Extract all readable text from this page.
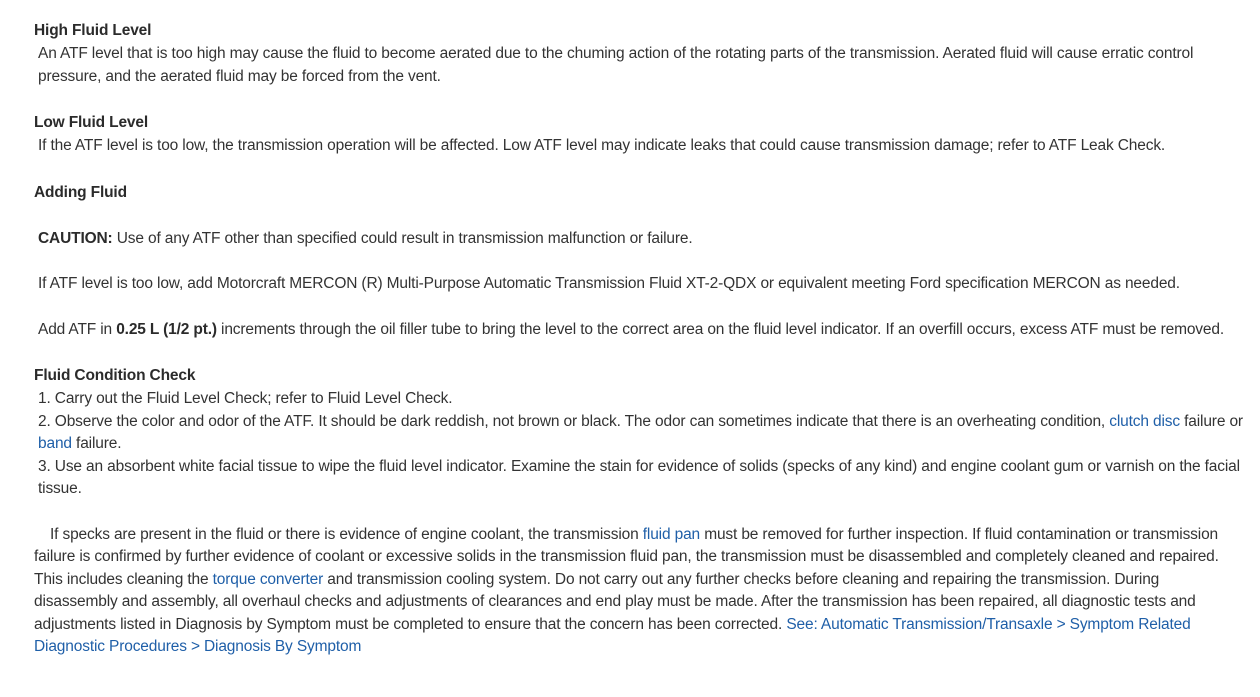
High Fluid Level

An ATF level that is too high may cause the fluid to become aerated due to the chuming action of the rotating parts of the transmission. Aerated fluid will cause erratic control pressure, and the aerated fluid may be forced from the vent.

Low Fluid Level

If the ATF level is too low, the transmission operation will be affected. Low ATF level may indicate leaks that could cause transmission damage; refer to ATF Leak Check.

Adding Fluid

CAUTION: Use of any ATF other than specified could result in transmission malfunction or failure.

If ATF level is too low, add Motorcraft MERCON (R) Multi-Purpose Automatic Transmission Fluid XT-2-QDX or equivalent meeting Ford specification MERCON as needed.

Add ATF in 0.25 L (1/2 pt.) increments through the oil filler tube to bring the level to the correct area on the fluid level indicator. If an overfill occurs, excess ATF must be removed.

Fluid Condition Check

1. Carry out the Fluid Level Check; refer to Fluid Level Check.

2. Observe the color and odor of the ATF. It should be dark reddish, not brown or black. The odor can sometimes indicate that there is an overheating condition, clutch disc failure or band failure.

3. Use an absorbent white facial tissue to wipe the fluid level indicator. Examine the stain for evidence of solids (specks of any kind) and engine coolant gum or varnish on the facial tissue.

If specks are present in the fluid or there is evidence of engine coolant, the transmission fluid pan must be removed for further inspection. If fluid contamination or transmission failure is confirmed by further evidence of coolant or excessive solids in the transmission fluid pan, the transmission must be disassembled and completely cleaned and repaired. This includes cleaning the torque converter and transmission cooling system. Do not carry out any further checks before cleaning and repairing the transmission. During disassembly and assembly, all overhaul checks and adjustments of clearances and end play must be made. After the transmission has been repaired, all diagnostic tests and adjustments listed in Diagnosis by Symptom must be completed to ensure that the concern has been corrected. See: Automatic Transmission/Transaxle > Symptom Related Diagnostic Procedures > Diagnosis By Symptom
